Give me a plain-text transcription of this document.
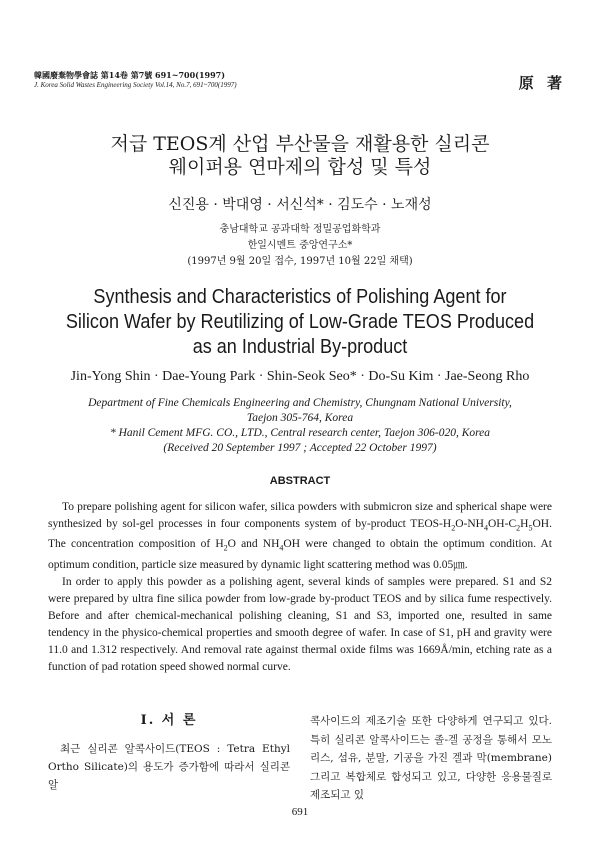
韓國廢棄物學會誌 第14卷 第7號 691~700(1997)
J. Korea Solid Wastes Engineering Society Vol.14, No.7, 691~700(1997)	原 著
저급 TEOS계 산업 부산물을 재활용한 실리콘
웨이퍼용 연마제의 합성 및 특성
신진용 · 박대영 · 서신석* · 김도수 · 노재성
충남대학교 공과대학 정밀공업화학과
한일시멘트 중앙연구소*
(1997년 9월 20일 접수, 1997년 10월 22일 채택)
Synthesis and Characteristics of Polishing Agent for
Silicon Wafer by Reutilizing of Low-Grade TEOS Produced
as an Industrial By-product
Jin-Yong Shin · Dae-Young Park · Shin-Seok Seo* · Do-Su Kim · Jae-Seong Rho
Department of Fine Chemicals Engineering and Chemistry, Chungnam National University,
Taejon 305-764, Korea
* Hanil Cement MFG. CO., LTD., Central research center, Taejon 306-020, Korea
(Received 20 September 1997 ; Accepted 22 October 1997)
ABSTRACT

To prepare polishing agent for silicon wafer, silica powders with submicron size and spherical shape were synthesized by sol-gel processes in four components system of by-product TEOS-$H_2O-NH_4OH-C_2H_5OH$. The concentration composition of $H_2O$ and $NH_4OH$ were changed to obtain the optimum condition. At optimum condition, particle size measured by dynamic light scattering method was 0.05㎛.

In order to apply this powder as a polishing agent, several kinds of samples were prepared. S1 and S2 were prepared by ultra fine silica powder from low-grade by-product TEOS and by silica fume respectively. Before and after chemical-mechanical polishing cleaning, S1 and S3, imported one, resulted in same tendency in the physico-chemical properties and smooth degree of wafer. In case of S1, pH and gravity were 11.0 and 1.312 respectively. And removal rate against thermal oxide films was 1669Å/min, etching rate as a function of pad rotation speed showed normal curve.

Ⅰ. 서 론

최근 실리콘 알콕사이드(TEOS : Tetra Ethyl Ortho Silicate)의 용도가 증가함에 따라서 실리콘 알

콕사이드의 제조기술 또한 다양하게 연구되고 있다. 특히 실리콘 알콕사이드는 졸-겔 공정을 통해서 모노리스, 섬유, 분말, 기공을 가진 겔과 막(membrane) 그리고 복합체로 합성되고 있고, 다양한 응용물질로 제조되고 있

691
